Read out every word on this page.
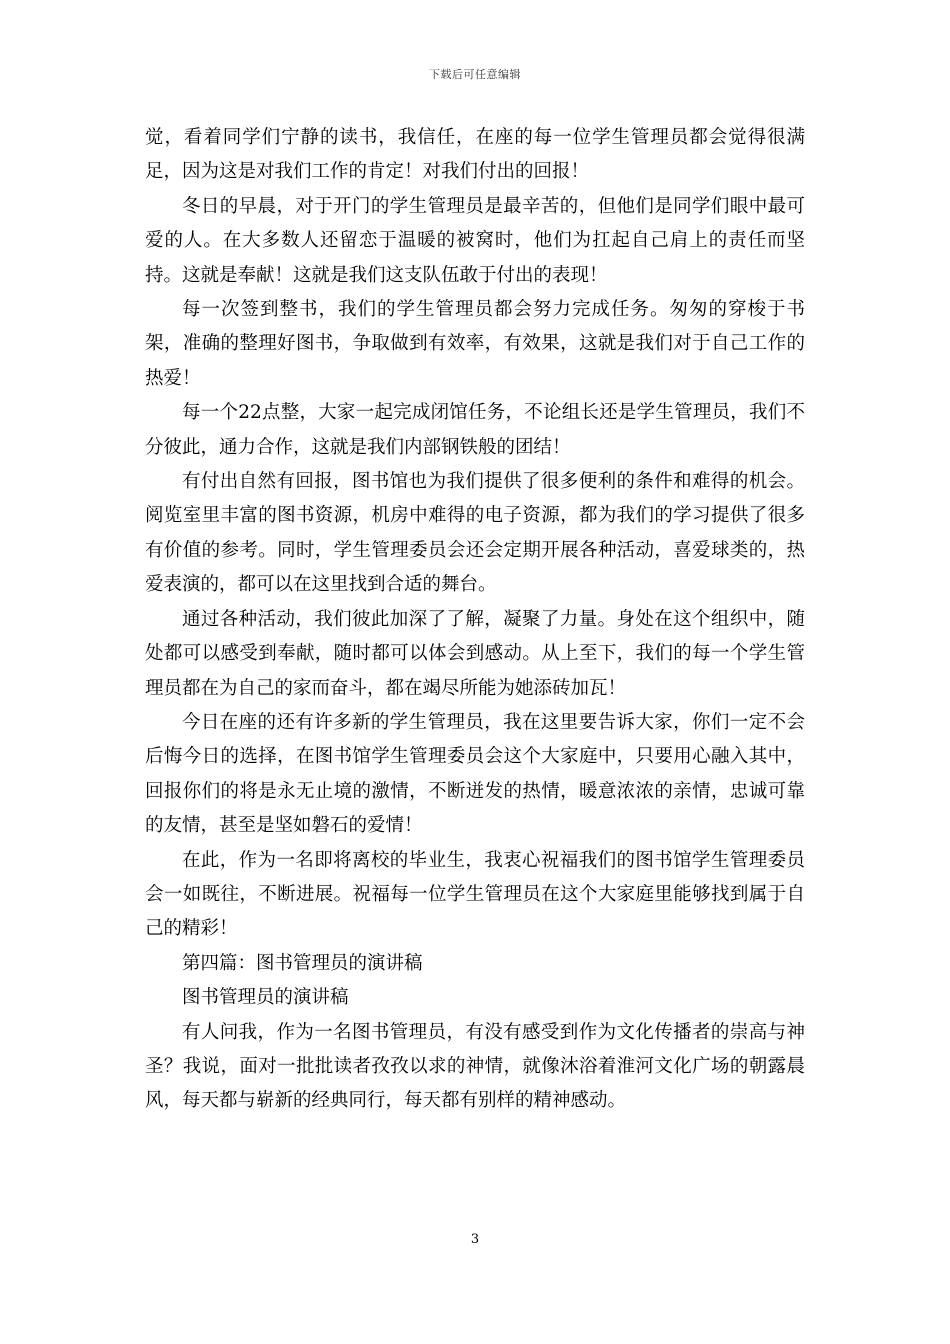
下载后可任意编辑

觉，看着同学们宁静的读书，我信任，在座的每一位学生管理员都会觉得很满足，因为这是对我们工作的肯定！对我们付出的回报！

冬日的早晨，对于开门的学生管理员是最辛苦的，但他们是同学们眼中最可爱的人。在大多数人还留恋于温暖的被窝时，他们为扛起自己肩上的责任而坚持。这就是奉献！这就是我们这支队伍敢于付出的表现！

每一次签到整书，我们的学生管理员都会努力完成任务。匆匆的穿梭于书架，准确的整理好图书，争取做到有效率，有效果，这就是我们对于自己工作的热爱！

每一个22点整，大家一起完成闭馆任务，不论组长还是学生管理员，我们不分彼此，通力合作，这就是我们内部钢铁般的团结！

有付出自然有回报，图书馆也为我们提供了很多便利的条件和难得的机会。阅览室里丰富的图书资源，机房中难得的电子资源，都为我们的学习提供了很多有价值的参考。同时，学生管理委员会还会定期开展各种活动，喜爱球类的，热爱表演的，都可以在这里找到合适的舞台。

通过各种活动，我们彼此加深了了解，凝聚了力量。身处在这个组织中，随处都可以感受到奉献，随时都可以体会到感动。从上至下，我们的每一个学生管理员都在为自己的家而奋斗，都在竭尽所能为她添砖加瓦！

今日在座的还有许多新的学生管理员，我在这里要告诉大家，你们一定不会后悔今日的选择，在图书馆学生管理委员会这个大家庭中，只要用心融入其中，回报你们的将是永无止境的激情，不断迸发的热情，暖意浓浓的亲情，忠诚可靠的友情，甚至是坚如磐石的爱情！

在此，作为一名即将离校的毕业生，我衷心祝福我们的图书馆学生管理委员会一如既往，不断进展。祝福每一位学生管理员在这个大家庭里能够找到属于自己的精彩！

第四篇：图书管理员的演讲稿

图书管理员的演讲稿

有人问我，作为一名图书管理员，有没有感受到作为文化传播者的崇高与神圣？我说，面对一批批读者孜孜以求的神情，就像沐浴着淮河文化广场的朝露晨风，每天都与崭新的经典同行，每天都有别样的精神感动。

3
